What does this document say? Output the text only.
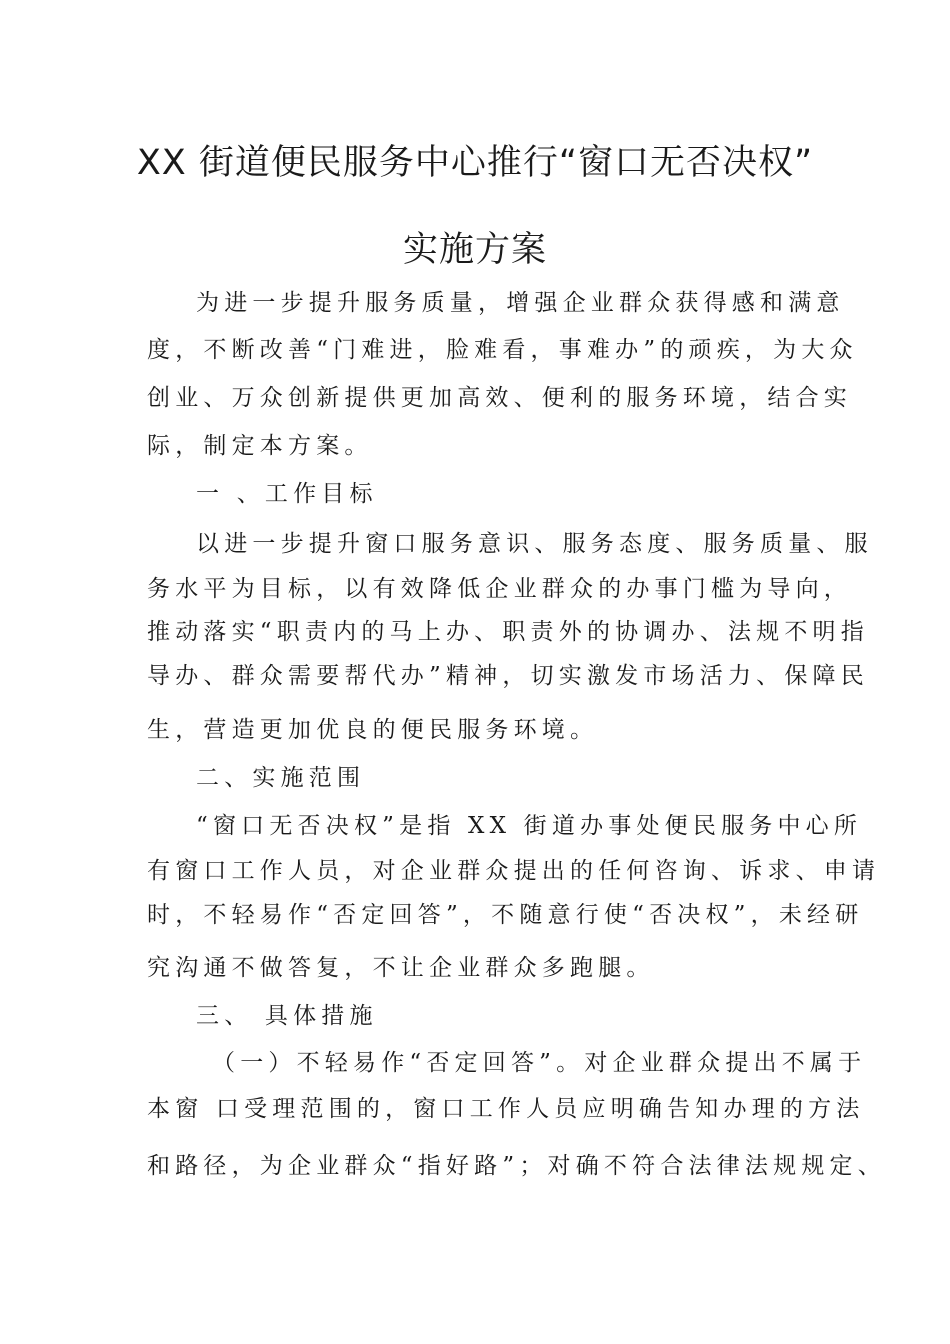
XX 街道便民服务中心推行“窗口无否决权”
实施方案
为进一步提升服务质量，增强企业群众获得感和满意
度，不断改善“门难进，脸难看，事难办”的顽疾，为大众
创业、万众创新提供更加高效、便利的服务环境，结合实
际，制定本方案。
一 、工作目标
以进一步提升窗口服务意识、服务态度、服务质量、服
务水平为目标，以有效降低企业群众的办事门槛为导向，
推动落实“职责内的马上办、职责外的协调办、法规不明指
导办、群众需要帮代办”精神，切实激发市场活力、保障民
生，营造更加优良的便民服务环境。
二、实施范围
“窗口无否决权”是指 XX 街道办事处便民服务中心所
有窗口工作人员，对企业群众提出的任何咨询、诉求、申请
时，不轻易作“否定回答”，不随意行使“否决权”，未经研
究沟通不做答复，不让企业群众多跑腿。
三、 具体措施
（一）不轻易作“否定回答”。对企业群众提出不属于
本窗 口受理范围的，窗口工作人员应明确告知办理的方法
和路径，为企业群众“指好路”；对确不符合法律法规规定、
